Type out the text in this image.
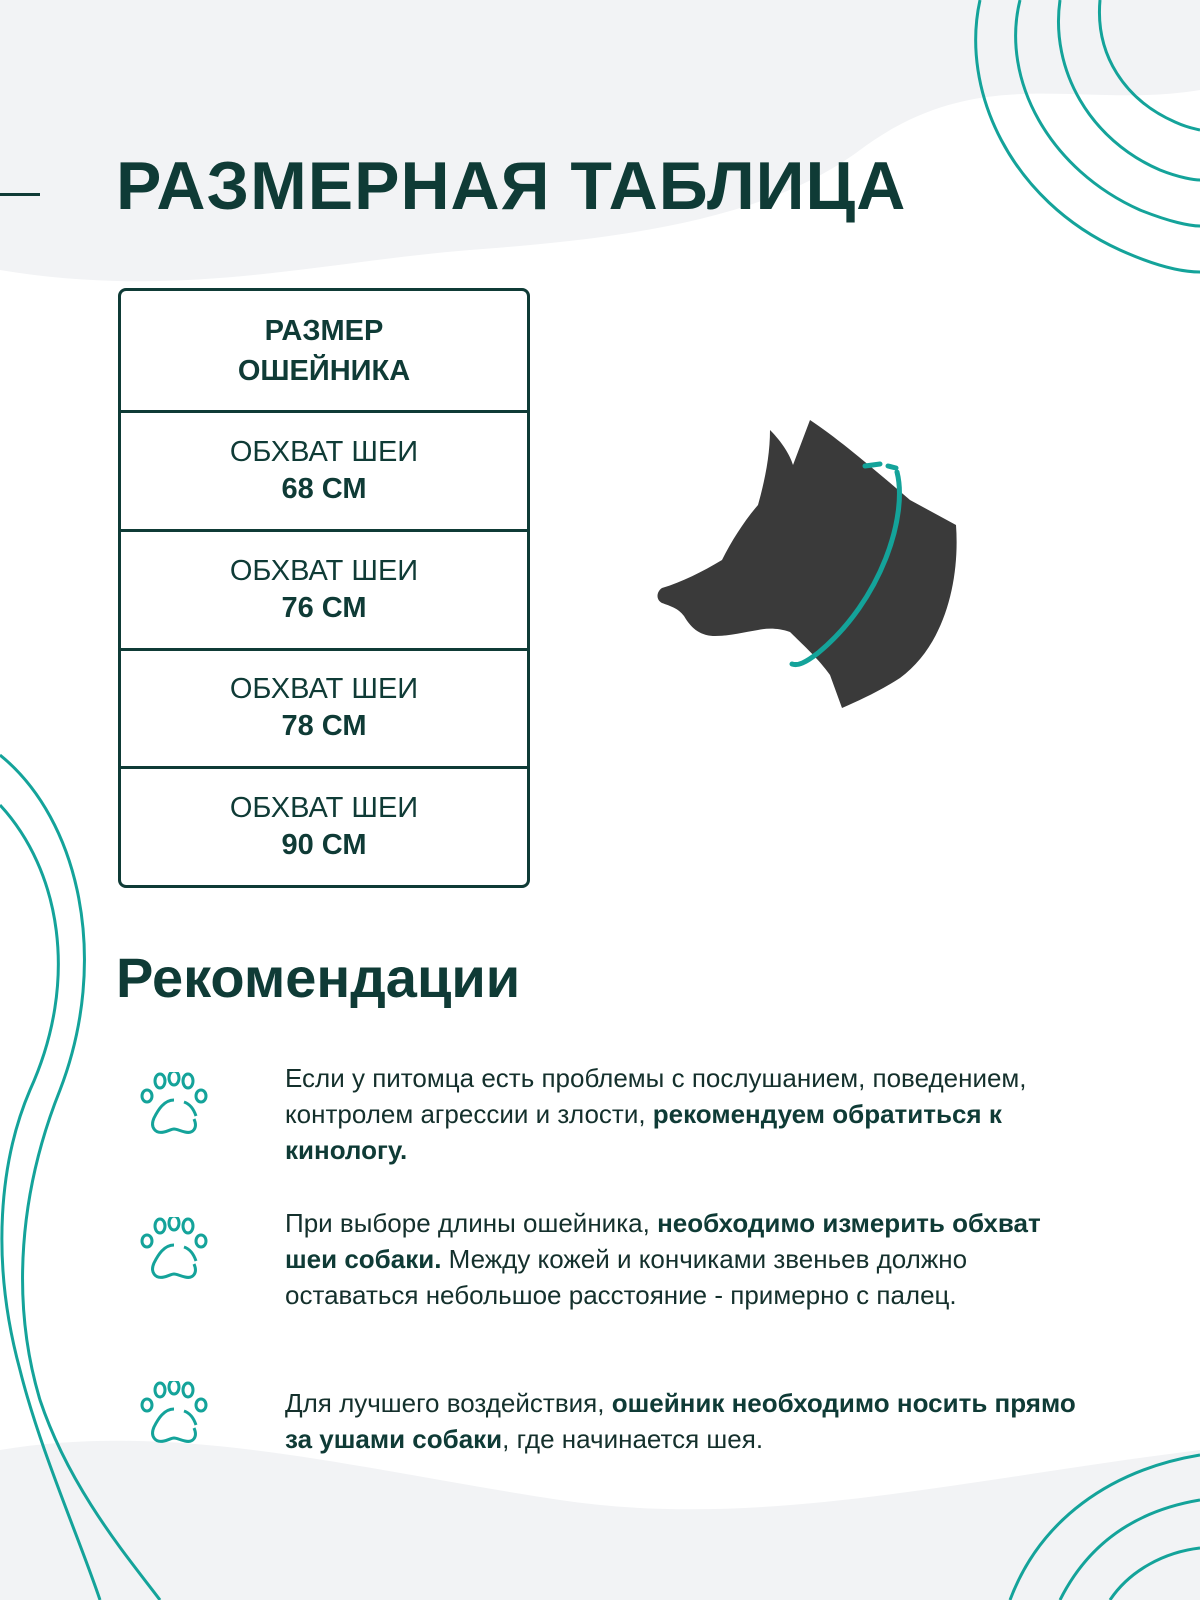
РАЗМЕРНАЯ ТАБЛИЦА
РАЗМЕР
ОШЕЙНИКА
ОБХВАТ ШЕИ
68 СМ
ОБХВАТ ШЕИ
76 СМ
ОБХВАТ ШЕИ
78 СМ
ОБХВАТ ШЕИ
90 СМ
Рекомендации

Если у питомца есть проблемы с послушанием, поведением, контролем агрессии и злости, рекомендуем обратиться к кинологу.

При выборе длины ошейника, необходимо измерить обхват шеи собаки. Между кожей и кончиками звеньев должно оставаться небольшое расстояние - примерно с палец.

Для лучшего воздействия, ошейник необходимо носить прямо за ушами собаки, где начинается шея.
